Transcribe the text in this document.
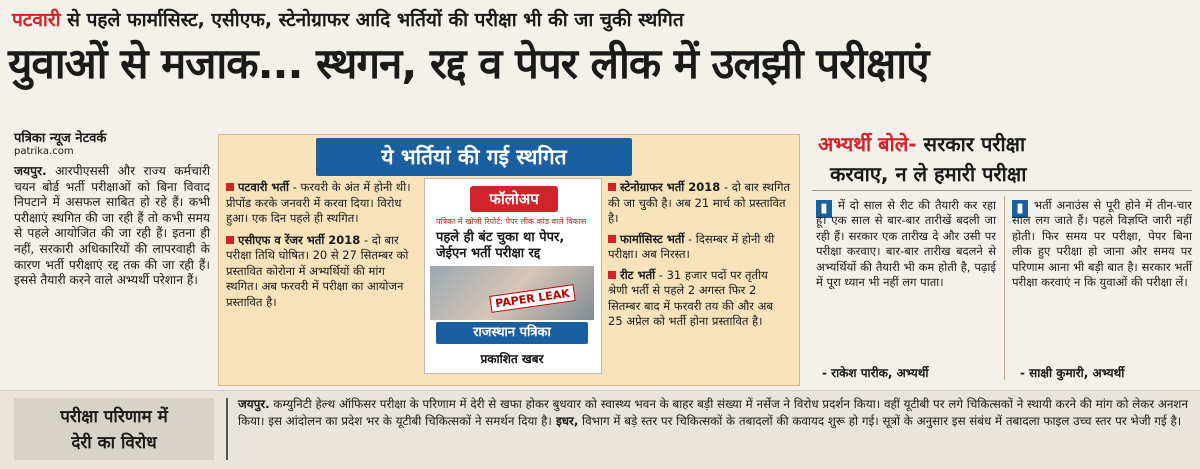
पटवारी से पहले फार्मासिस्ट, एसीएफ, स्टेनोग्राफर आदि भर्तियों की परीक्षा भी की जा चुकी स्थगित
युवाओं से मजाक... स्थगन, रद्द व पेपर लीक में उलझी परीक्षाएं
पत्रिका न्यूज नेटवर्क
patrika.com
जयपुर. आरपीएससी और राज्य कर्मचारी चयन बोर्ड भर्ती परीक्षाओं को बिना विवाद निपटाने में असफल साबित हो रहे हैं। कभी परीक्षाएं स्थगित की जा रही हैं तो कभी समय से पहले आयोजित की जा रही हैं। इतना ही नहीं, सरकारी अधिकारियों की लापरवाही के कारण भर्ती परीक्षाएं रद्द तक की जा रही हैं। इससे तैयारी करने वाले अभ्यर्थी परेशान हैं।
ये भर्तियां की गई स्थगित
पटवारी भर्ती - फरवरी के अंत में होनी थी। प्रीपोंड करके जनवरी में करवा दिया। विरोध हुआ। एक दिन पहले ही स्थगित।
एसीएफ व रेंजर भर्ती 2018 - दो बार परीक्षा तिथि घोषित। 20 से 27 सितम्बर को प्रस्तावित कोरोना में अभ्यर्थियों की मांग स्थगित। अब फरवरी में परीक्षा का आयोजन प्रस्तावित है।
फॉलोअप
पत्रिका में खोजी रिपोर्ट: पेपर लीक कांड वाले विकास
पहले ही बंट चुका था पेपर, जेईएन भर्ती परीक्षा रद्द
PAPER LEAK
राजस्थान पत्रिका
प्रकाशित खबर
स्टेनोग्राफर भर्ती 2018 - दो बार स्थगित की जा चुकी है। अब 21 मार्च को प्रस्तावित है।
फार्मासिस्ट भर्ती - दिसम्बर में होनी थी परीक्षा। अब निरस्त।
रीट भर्ती - 31 हजार पदों पर तृतीय श्रेणी भर्ती से पहले 2 अगस्त फिर 2 सितम्बर बाद में फरवरी तय की और अब 25 अप्रेल को भर्ती होना प्रस्तावित है।
अभ्यर्थी बोले- सरकार परीक्षा
करवाए, न ले हमारी परीक्षा
▮ में दो साल से रीट की तैयारी कर रहा हूं। एक साल से बार-बार तारीखें बदली जा रही हैं। सरकार एक तारीख दे और उसी पर परीक्षा करवाए। बार-बार तारीख बदलने से अभ्यर्थियों की तैयारी भी कम होती है, पढ़ाई में पूरा ध्यान भी नहीं लग पाता।
- राकेश पारीक, अभ्यर्थी
▮ भर्ती अनाउंस से पूरी होने में तीन-चार साल लग जाते हैं। पहले विज्ञप्ति जारी नहीं होती। फिर समय पर परीक्षा, पेपर बिना लीक हुए परीक्षा हो जाना और समय पर परिणाम आना भी बड़ी बात है। सरकार भर्ती परीक्षा करवाएं न कि युवाओं की परीक्षा लें।
- साक्षी कुमारी, अभ्यर्थी
परीक्षा परिणाम में
देरी का विरोध
जयपुर. कम्युनिटी हेल्थ ऑफिसर परीक्षा के परिणाम में देरी से खफा होकर बुधवार को स्वास्थ्य भवन के बाहर बड़ी संख्या में नर्सेज ने विरोध प्रदर्शन किया। वहीं यूटीबी पर लगे चिकित्सकों ने स्थायी करने की मांग को लेकर अनशन किया। इस आंदोलन का प्रदेश भर के यूटीबी चिकित्सकों ने समर्थन दिया है। इधर, विभाग में बड़े स्तर पर चिकित्सकों के तबादलों की कवायद शुरू हो गई। सूत्रों के अनुसार इस संबंध में तबादला फाइल उच्च स्तर पर भेजी गई है।
